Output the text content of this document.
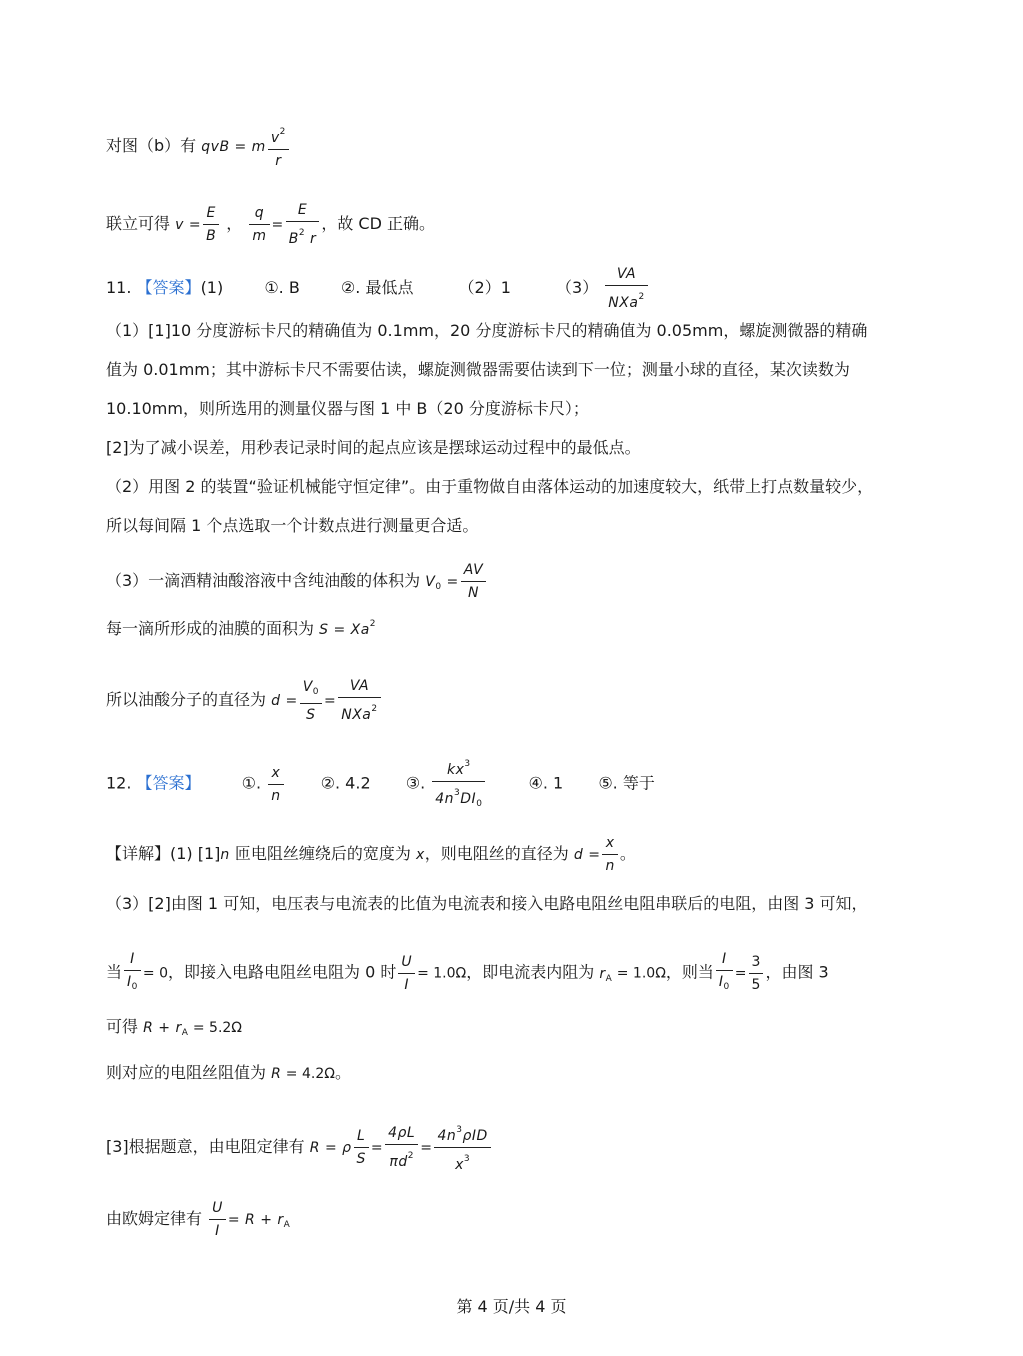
对图（b）有 qvB = m $\frac{v^2}{r}$
联立可得 $v = \frac{E}{B}$ ， $\frac{q}{m} = \frac{E}{B^2 r}$ ，故 CD 正确。
11. 【答案】(1)	①. B	②. 最低点	（2）1	$(3) \frac{VA}{NXa^2}$
（1）[1]10 分度游标卡尺的精确值为 0.1mm，20 分度游标卡尺的精确值为 0.05mm，螺旋测微器的精确
值为 0.01mm；其中游标卡尺不需要估读，螺旋测微器需要估读到下一位；测量小球的直径，某次读数为
10.10mm，则所选用的测量仪器与图 1 中 B（20 分度游标卡尺）；
[2]为了减小误差，用秒表记录时间的起点应该是摆球运动过程中的最低点。
（2）用图 2 的装置“验证机械能守恒定律”。由于重物做自由落体运动的加速度较大，纸带上打点数量较少，
所以每间隔 1 个点选取一个计数点进行测量更合适。
（3）一滴酒精油酸溶液中含纯油酸的体积为 $V_0 = \frac{AV}{N}$
每一滴所形成的油膜的面积为 $S = Xa^2$
所以油酸分子的直径为 $d = \frac{V_0}{S} = \frac{VA}{NXa^2}$
12. 【答案】	①. $\frac{x}{n}$ ②. 4.2 ③. $\frac{kx^3}{4n^3DI_0}$	④. 1 ⑤. 等于
【详解】(1) [1]n 匝电阻丝缠绕后的宽度为 x，则电阻丝的直径为 $d = \frac{x}{n}$ 。
（3）[2]由图 1 可知，电压表与电流表的比值为电流表和接入电路电阻丝电阻串联后的电阻，由图 3 可知，
当 $\frac{I}{I_0} = 0$，即接入电路电阻丝电阻为 0 时 $\frac{U}{I} = 1.0\Omega$，即电流表内阻为 $r_A = 1.0\Omega$，则当 $\frac{I}{I_0} = \frac{3}{5}$ ，由图 3
可得 $R + r_A = 5.2\Omega$
则对应的电阻丝阻值为 R = 4.2Ω。
[3]根据题意，由电阻定律有 R = ρ $\frac{L}{S} = \frac{4\rho L}{\pi d^2} = \frac{4n^3\rho ID}{x^3}$
由欧姆定律有 $\frac{U}{I} = R + r_A$
第 4 页/共 4 页
